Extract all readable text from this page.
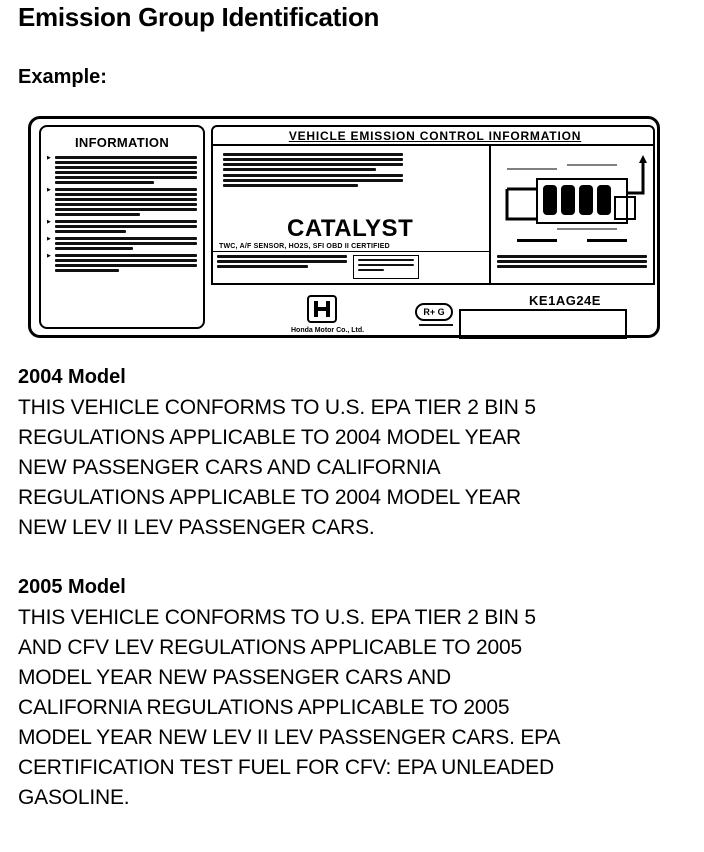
Emission Group Identification
Example:
INFORMATION
▶
▶
▶
▶
▶	VEHICLE EMISSION CONTROL INFORMATION
CATALYST
TWC, A/F SENSOR, HO2S, SFI OBD II CERTIFIED
KE1AG24E
Honda Motor Co., Ltd.
R+ G
2004 Model
THIS VEHICLE CONFORMS TO U.S. EPA TIER 2 BIN 5
REGULATIONS APPLICABLE TO 2004 MODEL YEAR
NEW PASSENGER CARS AND CALIFORNIA
REGULATIONS APPLICABLE TO 2004 MODEL YEAR
NEW LEV II LEV PASSENGER CARS.
2005 Model
THIS VEHICLE CONFORMS TO U.S. EPA TIER 2 BIN 5
AND CFV LEV REGULATIONS APPLICABLE TO 2005
MODEL YEAR NEW PASSENGER CARS AND
CALIFORNIA REGULATIONS APPLICABLE TO 2005
MODEL YEAR NEW LEV II LEV PASSENGER CARS. EPA
CERTIFICATION TEST FUEL FOR CFV: EPA UNLEADED
GASOLINE.
